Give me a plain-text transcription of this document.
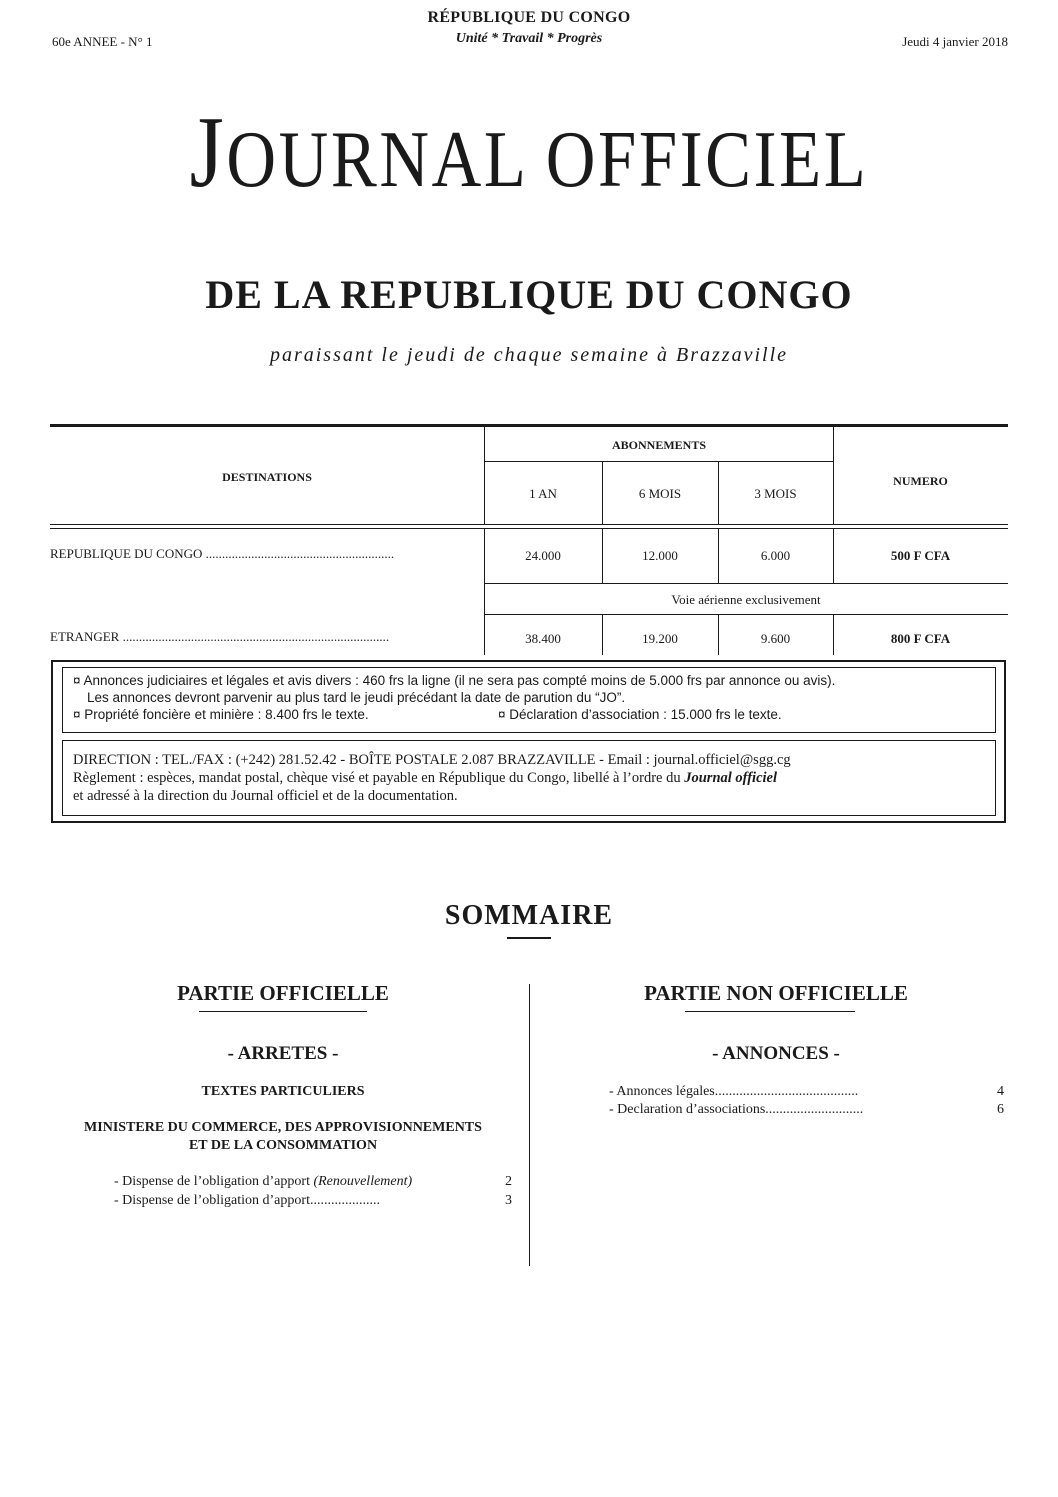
RÉPUBLIQUE DU CONGO
Unité * Travail * Progrès
60e ANNEE - N° 1	Jeudi 4 janvier 2018
JOURNAL OFFICIEL
DE LA REPUBLIQUE DU CONGO
paraissant le jeudi de chaque semaine à Brazzaville
ABONNEMENTS
DESTINATIONS	NUMERO
1 AN	6 MOIS	3 MOIS
REPUBLIQUE DU CONGO ..........................................................	24.000	12.000	6.000	500 F CFA
Voie aérienne exclusivement
ETRANGER ..................................................................................	38.400	19.200	9.600	800 F CFA
¤ Annonces judiciaires et légales et avis divers : 460 frs la ligne (il ne sera pas compté moins de 5.000 frs par annonce ou avis).
Les annonces devront parvenir au plus tard le jeudi précédant la date de parution du “JO”.
¤ Propriété foncière et minière : 8.400 frs le texte.	¤ Déclaration d’association : 15.000 frs le texte.
DIRECTION : TEL./FAX : (+242) 281.52.42 - BOÎTE POSTALE 2.087 BRAZZAVILLE - Email : journal.officiel@sgg.cg
Règlement : espèces, mandat postal, chèque visé et payable en République du Congo, libellé à l’ordre du Journal officiel
et adressé à la direction du Journal officiel et de la documentation.
SOMMAIRE
PARTIE OFFICIELLE
- ARRETES -
TEXTES PARTICULIERS
MINISTERE DU COMMERCE, DES APPROVISIONNEMENTS
ET DE LA CONSOMMATION
- Dispense de l’obligation d’apport (Renouvellement)	2
- Dispense de l’obligation d’apport....................	3
PARTIE NON OFFICIELLE
- ANNONCES -
- Annonces légales.........................................	4
- Declaration d’associations............................	6
